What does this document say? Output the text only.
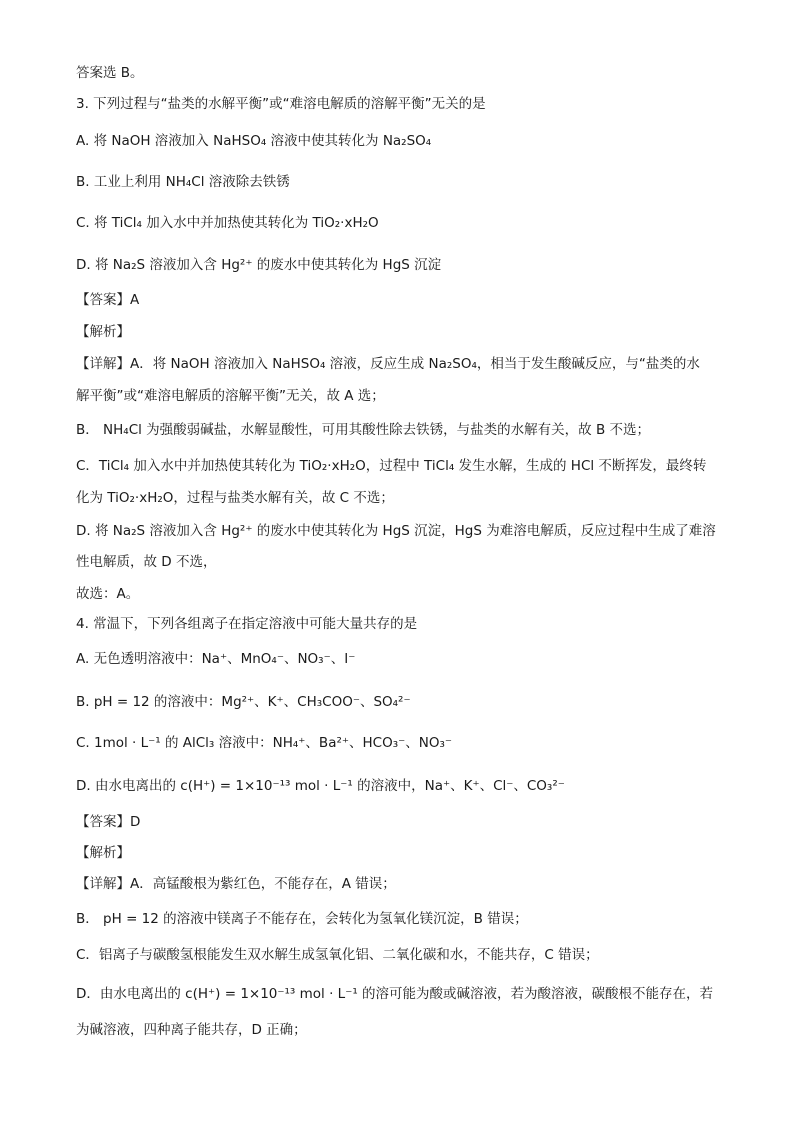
答案选 B。
3. 下列过程与“盐类的水解平衡”或“难溶电解质的溶解平衡”无关的是
A. 将 NaOH 溶液加入 NaHSO₄ 溶液中使其转化为 Na₂SO₄
B. 工业上利用 NH₄Cl 溶液除去铁锈
C. 将 TiCl₄ 加入水中并加热使其转化为 TiO₂·xH₂O
D. 将 Na₂S 溶液加入含 Hg²⁺ 的废水中使其转化为 HgS 沉淀
【答案】A
【解析】
【详解】A．将 NaOH 溶液加入 NaHSO₄ 溶液，反应生成 Na₂SO₄，相当于发生酸碱反应，与“盐类的水
解平衡”或“难溶电解质的溶解平衡”无关，故 A 选；
B． NH₄Cl 为强酸弱碱盐，水解显酸性，可用其酸性除去铁锈，与盐类的水解有关，故 B 不选；
C．TiCl₄ 加入水中并加热使其转化为 TiO₂·xH₂O，过程中 TiCl₄ 发生水解，生成的 HCl 不断挥发，最终转
化为 TiO₂·xH₂O，过程与盐类水解有关，故 C 不选；
D. 将 Na₂S 溶液加入含 Hg²⁺ 的废水中使其转化为 HgS 沉淀，HgS 为难溶电解质，反应过程中生成了难溶
性电解质，故 D 不选，
故选：A。
4. 常温下，下列各组离子在指定溶液中可能大量共存的是
A. 无色透明溶液中：Na⁺、MnO₄⁻、NO₃⁻、I⁻
B. pH = 12 的溶液中：Mg²⁺、K⁺、CH₃COO⁻、SO₄²⁻
C. 1mol · L⁻¹ 的 AlCl₃ 溶液中：NH₄⁺、Ba²⁺、HCO₃⁻、NO₃⁻
D. 由水电离出的 c(H⁺) = 1×10⁻¹³ mol · L⁻¹ 的溶液中，Na⁺、K⁺、Cl⁻、CO₃²⁻
【答案】D
【解析】
【详解】A．高锰酸根为紫红色，不能存在，A 错误；
B． pH = 12 的溶液中镁离子不能存在，会转化为氢氧化镁沉淀，B 错误；
C．铝离子与碳酸氢根能发生双水解生成氢氧化铝、二氧化碳和水，不能共存，C 错误；
D．由水电离出的 c(H⁺) = 1×10⁻¹³ mol · L⁻¹ 的溶可能为酸或碱溶液，若为酸溶液，碳酸根不能存在，若
为碱溶液，四种离子能共存，D 正确；
